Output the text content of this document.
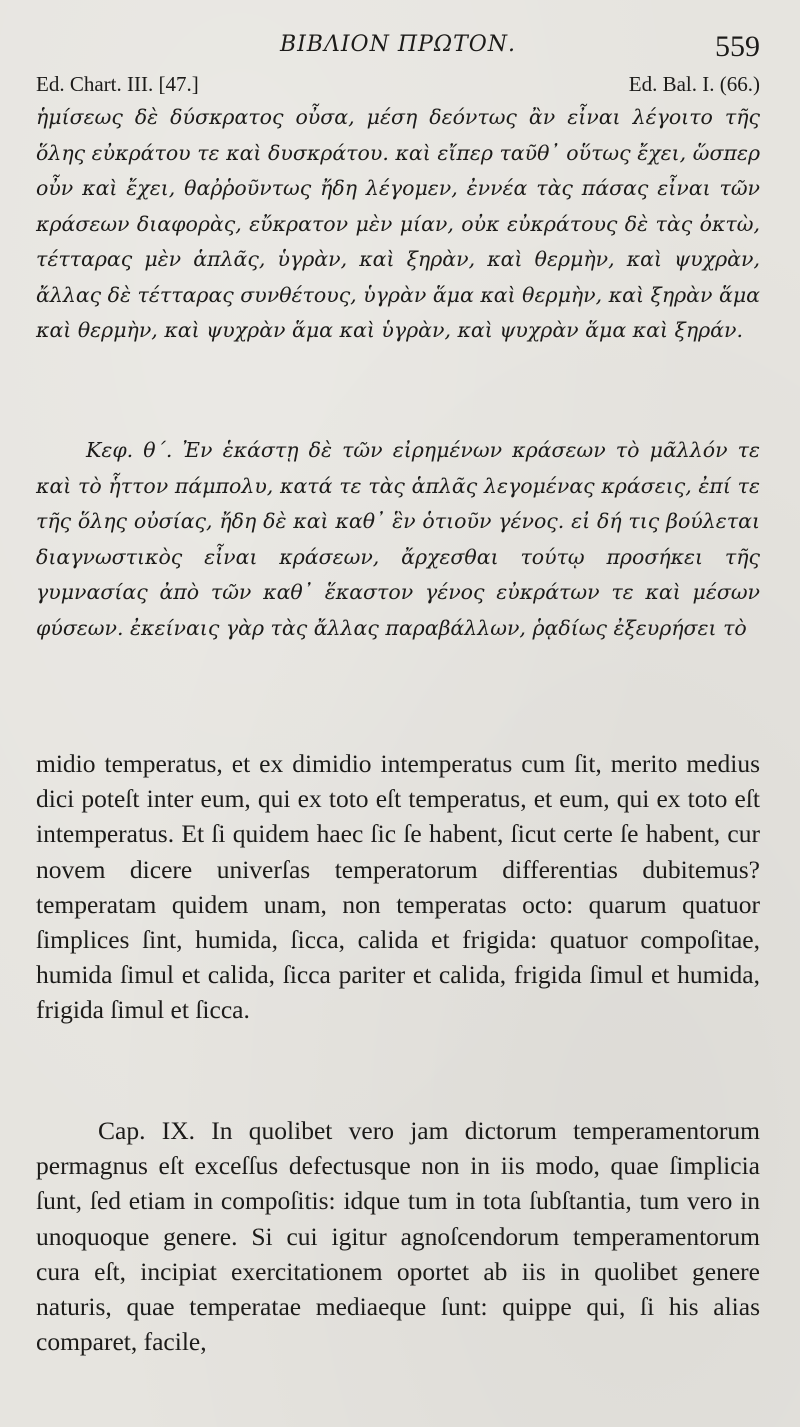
ΒΙΒΛΙΟΝ ΠΡΩΤΟΝ.	559
Ed. Chart. III. [47.]	Ed. Bal. I. (66.)

ἡμίσεως δὲ δύσκρατος οὖσα, μέση δεόντως ἂν εἶναι λέγοιτο τῆς ὅλης εὐκράτου τε καὶ δυσκράτου. καὶ εἴπερ ταῦθ᾽ οὕτως ἔχει, ὥσπερ οὖν καὶ ἔχει, θαῤῥοῦντως ἤδη λέγομεν, ἐννέα τὰς πάσας εἶναι τῶν κράσεων διαφορὰς, εὔκρατον μὲν μίαν, οὐκ εὐκράτους δὲ τὰς ὀκτὼ, τέτταρας μὲν ἁπλᾶς, ὑγρὰν, καὶ ξηρὰν, καὶ θερμὴν, καὶ ψυχρὰν, ἄλλας δὲ τέτταρας συνθέτους, ὑγρὰν ἅμα καὶ θερμὴν, καὶ ξηρὰν ἅμα καὶ θερμὴν, καὶ ψυχρὰν ἅμα καὶ ὑγρὰν, καὶ ψυχρὰν ἅμα καὶ ξηράν.

Κεφ. θ΄. Ἐν ἑκάστῃ δὲ τῶν εἰρημένων κράσεων τὸ μᾶλλόν τε καὶ τὸ ἧττον πάμπολυ, κατά τε τὰς ἁπλᾶς λεγομένας κράσεις, ἐπί τε τῆς ὅλης οὐσίας, ἤδη δὲ καὶ καθ᾽ ἓν ὁτιοῦν γένος. εἰ δή τις βούλεται διαγνωστικὸς εἶναι κράσεων, ἄρχεσθαι τούτῳ προσήκει τῆς γυμνασίας ἀπὸ τῶν καθ᾽ ἕκαστον γένος εὐκράτων τε καὶ μέσων φύσεων. ἐκείναις γὰρ τὰς ἄλλας παραβάλλων, ῥᾳδίως ἐξευρήσει τὸ

midio temperatus, et ex dimidio intemperatus cum ſit, merito medius dici poteſt inter eum, qui ex toto eſt temperatus, et eum, qui ex toto eſt intemperatus. Et ſi quidem haec ſic ſe habent, ſicut certe ſe habent, cur novem dicere univerſas temperatorum differentias dubitemus? temperatam quidem unam, non temperatas octo: quarum quatuor ſimplices ſint, humida, ſicca, calida et frigida: quatuor compoſitae, humida ſimul et calida, ſicca pariter et calida, frigida ſimul et humida, frigida ſimul et ſicca.

Cap. IX. In quolibet vero jam dictorum temperamentorum permagnus eſt exceſſus defectusque non in iis modo, quae ſimplicia ſunt, ſed etiam in compoſitis: idque tum in tota ſubſtantia, tum vero in unoquoque genere. Si cui igitur agnoſcendorum temperamentorum cura eſt, incipiat exercitationem oportet ab iis in quolibet genere naturis, quae temperatae mediaeque ſunt: quippe qui, ſi his alias comparet, facile,
